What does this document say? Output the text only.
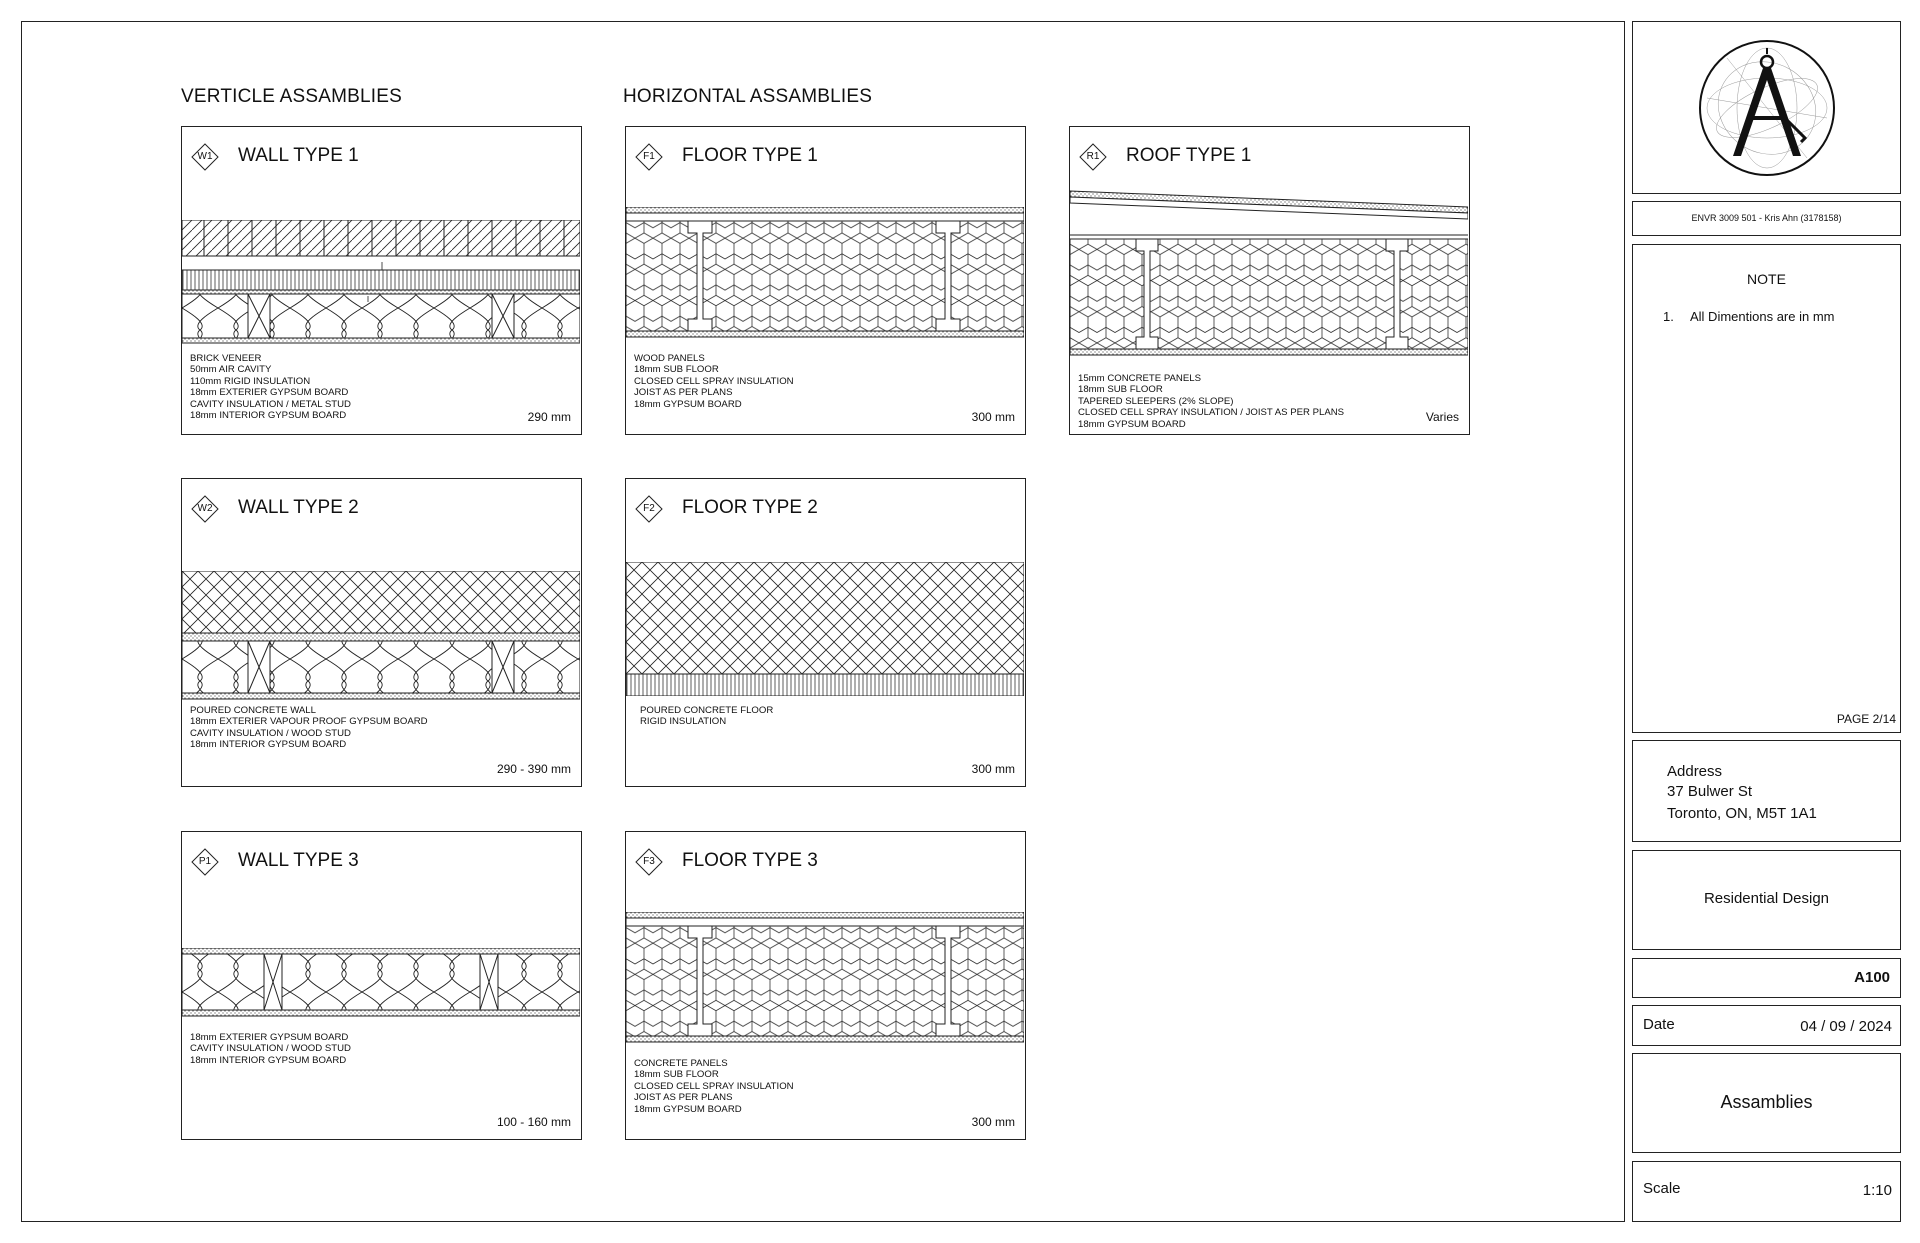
VERTICLE ASSAMBLIES	HORIZONTAL ASSAMBLIES
W1	WALL TYPE 1
BRICK VENEER
50mm AIR CAVITY
110mm RIGID INSULATION
18mm EXTERIER GYPSUM BOARD
CAVITY INSULATION / METAL STUD
18mm INTERIOR GYPSUM BOARD	290 mm
F1	FLOOR TYPE 1
WOOD PANELS
18mm SUB FLOOR
CLOSED CELL SPRAY INSULATION
JOIST AS PER PLANS
18mm GYPSUM BOARD
300 mm
R1	ROOF TYPE 1
15mm CONCRETE PANELS
18mm SUB FLOOR
TAPERED SLEEPERS (2% SLOPE)
CLOSED CELL SPRAY INSULATION / JOIST AS PER PLANS
18mm GYPSUM BOARD
Varies
W2	WALL TYPE 2
POURED CONCRETE WALL
18mm EXTERIER VAPOUR PROOF GYPSUM BOARD
CAVITY INSULATION / WOOD STUD
18mm INTERIOR GYPSUM BOARD
290 - 390 mm
F2	FLOOR TYPE 2
POURED CONCRETE FLOOR
RIGID INSULATION
300 mm
P1	WALL TYPE 3
18mm EXTERIER GYPSUM BOARD
CAVITY INSULATION / WOOD STUD
18mm INTERIOR GYPSUM BOARD
100 - 160 mm
F3	FLOOR TYPE 3
CONCRETE PANELS
18mm SUB FLOOR
CLOSED CELL SPRAY INSULATION
JOIST AS PER PLANS
18mm GYPSUM BOARD
300 mm
ENVR 3009 501 - Kris Ahn (3178158)
NOTE
1. All Dimentions are in mm
PAGE 2/14
Address
37 Bulwer St
Toronto, ON, M5T 1A1
Residential Design
A100
Date	04 / 09 / 2024
Assamblies
Scale	1:10
